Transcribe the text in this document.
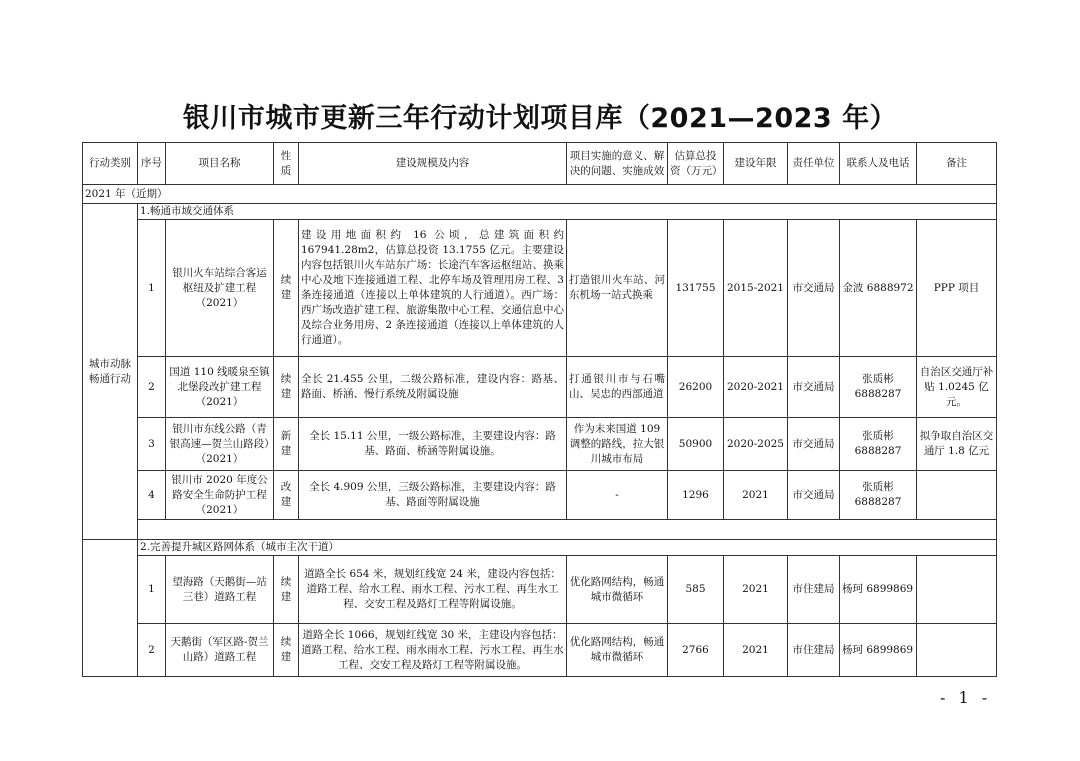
银川市城市更新三年行动计划项目库（2021—2023 年）
行动类别	序号	项目名称	性质	建设规模及内容	项目实施的意义、解决的问题、实施成效	估算总投资（万元）	建设年限	责任单位	联系人及电话	备注
2021 年（近期）										
城市动脉畅通行动	1.畅通市域交通体系									
	1	银川火车站综合客运枢纽及扩建工程（2021）	续建	建设用地面积约 16 公顷，总建筑面积约 167941.28m2，估算总投资 13.1755 亿元。主要建设内容包括银川火车站东广场：长途汽车客运枢纽站、换乘中心及地下连接通道工程、北停车场及管理用房工程、3 条连接通道（连接以上单体建筑的人行通道）。西广场：西广场改造扩建工程、旅游集散中心工程、交通信息中心及综合业务用房、2 条连接通道（连接以上单体建筑的人行通道）。	打造银川火车站、河东机场一站式换乘	131755	2015-2021	市交通局	金波 6888972	PPP 项目
	2	国道 110 线暖泉至镇北堡段改扩建工程（2021）	续建	全长 21.455 公里，二级公路标准，建设内容：路基、路面、桥涵、慢行系统及附属设施	打通银川市与石嘴山、吴忠的西部通道	26200	2020-2021	市交通局	张质彬 6888287	自治区交通厅补贴 1.0245 亿元。
	3	银川市东线公路（青银高速—贺兰山路段）（2021）	新建	全长 15.11 公里，一级公路标准，主要建设内容：路基、路面、桥涵等附属设施。	作为未来国道 109 调整的路线，拉大银川城市布局	50900	2020-2025	市交通局	张质彬 6888287	拟争取自治区交通厅 1.8 亿元
	4	银川市 2020 年度公路安全生命防护工程（2021）	改建	全长 4.909 公里，三级公路标准，主要建设内容：路基、路面等附属设施	-	1296	2021	市交通局	张质彬 6888287	

	2.完善提升城区路网体系（城市主次干道）									
	1	望海路（天鹅街—站三巷）道路工程	续建	道路全长 654 米，规划红线宽 24 米，建设内容包括：道路工程、给水工程、雨水工程、污水工程、再生水工程、交安工程及路灯工程等附属设施。	优化路网结构，畅通城市微循环	585	2021	市住建局	杨珂 6899869	
	2	天鹅街（军区路-贺兰山路）道路工程	续建	道路全长 1066，规划红线宽 30 米，主建设内容包括：道路工程、给水工程、雨水雨水工程、污水工程、再生水工程、交安工程及路灯工程等附属设施。	优化路网结构，畅通城市微循环	2766	2021	市住建局	杨珂 6899869	
- 1 -
